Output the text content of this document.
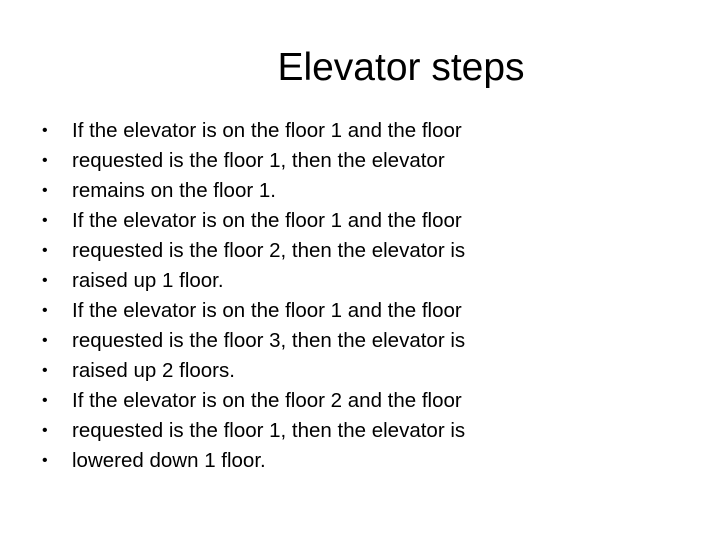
Elevator steps
•	If the elevator is on the floor 1 and the floor
•	requested is the floor 1, then the elevator
•	remains on the floor 1.
•	If the elevator is on the floor 1 and the floor
•	requested is the floor 2, then the elevator is
•	raised up 1 floor.
•	If the elevator is on the floor 1 and the floor
•	requested is the floor 3, then the elevator is
•	raised up 2 floors.
•	If the elevator is on the floor 2 and the floor
•	requested is the floor 1, then the elevator is
•	lowered down 1 floor.
